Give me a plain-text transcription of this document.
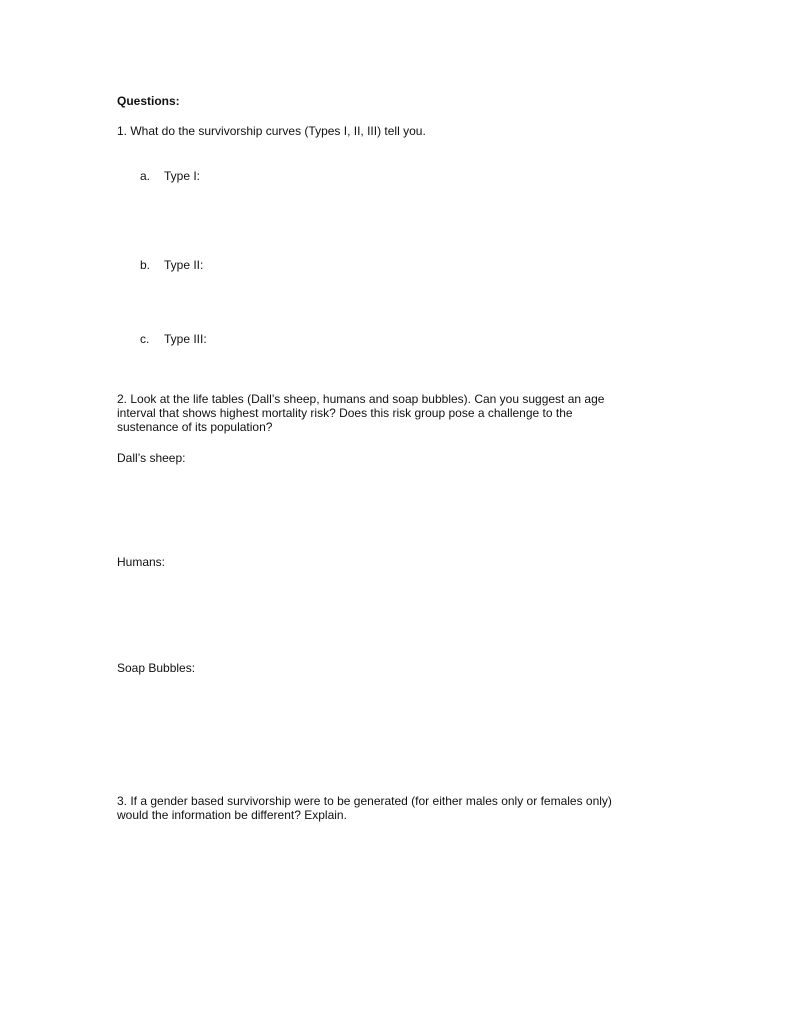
Questions:
1. What do the survivorship curves (Types I, II, III) tell you.
a. Type I:
b. Type II:
c. Type III:
2. Look at the life tables (Dall’s sheep, humans and soap bubbles). Can you suggest an age
interval that shows highest mortality risk? Does this risk group pose a challenge to the
sustenance of its population?
Dall’s sheep:
Humans:
Soap Bubbles:
3. If a gender based survivorship were to be generated (for either males only or females only)
would the information be different? Explain.
